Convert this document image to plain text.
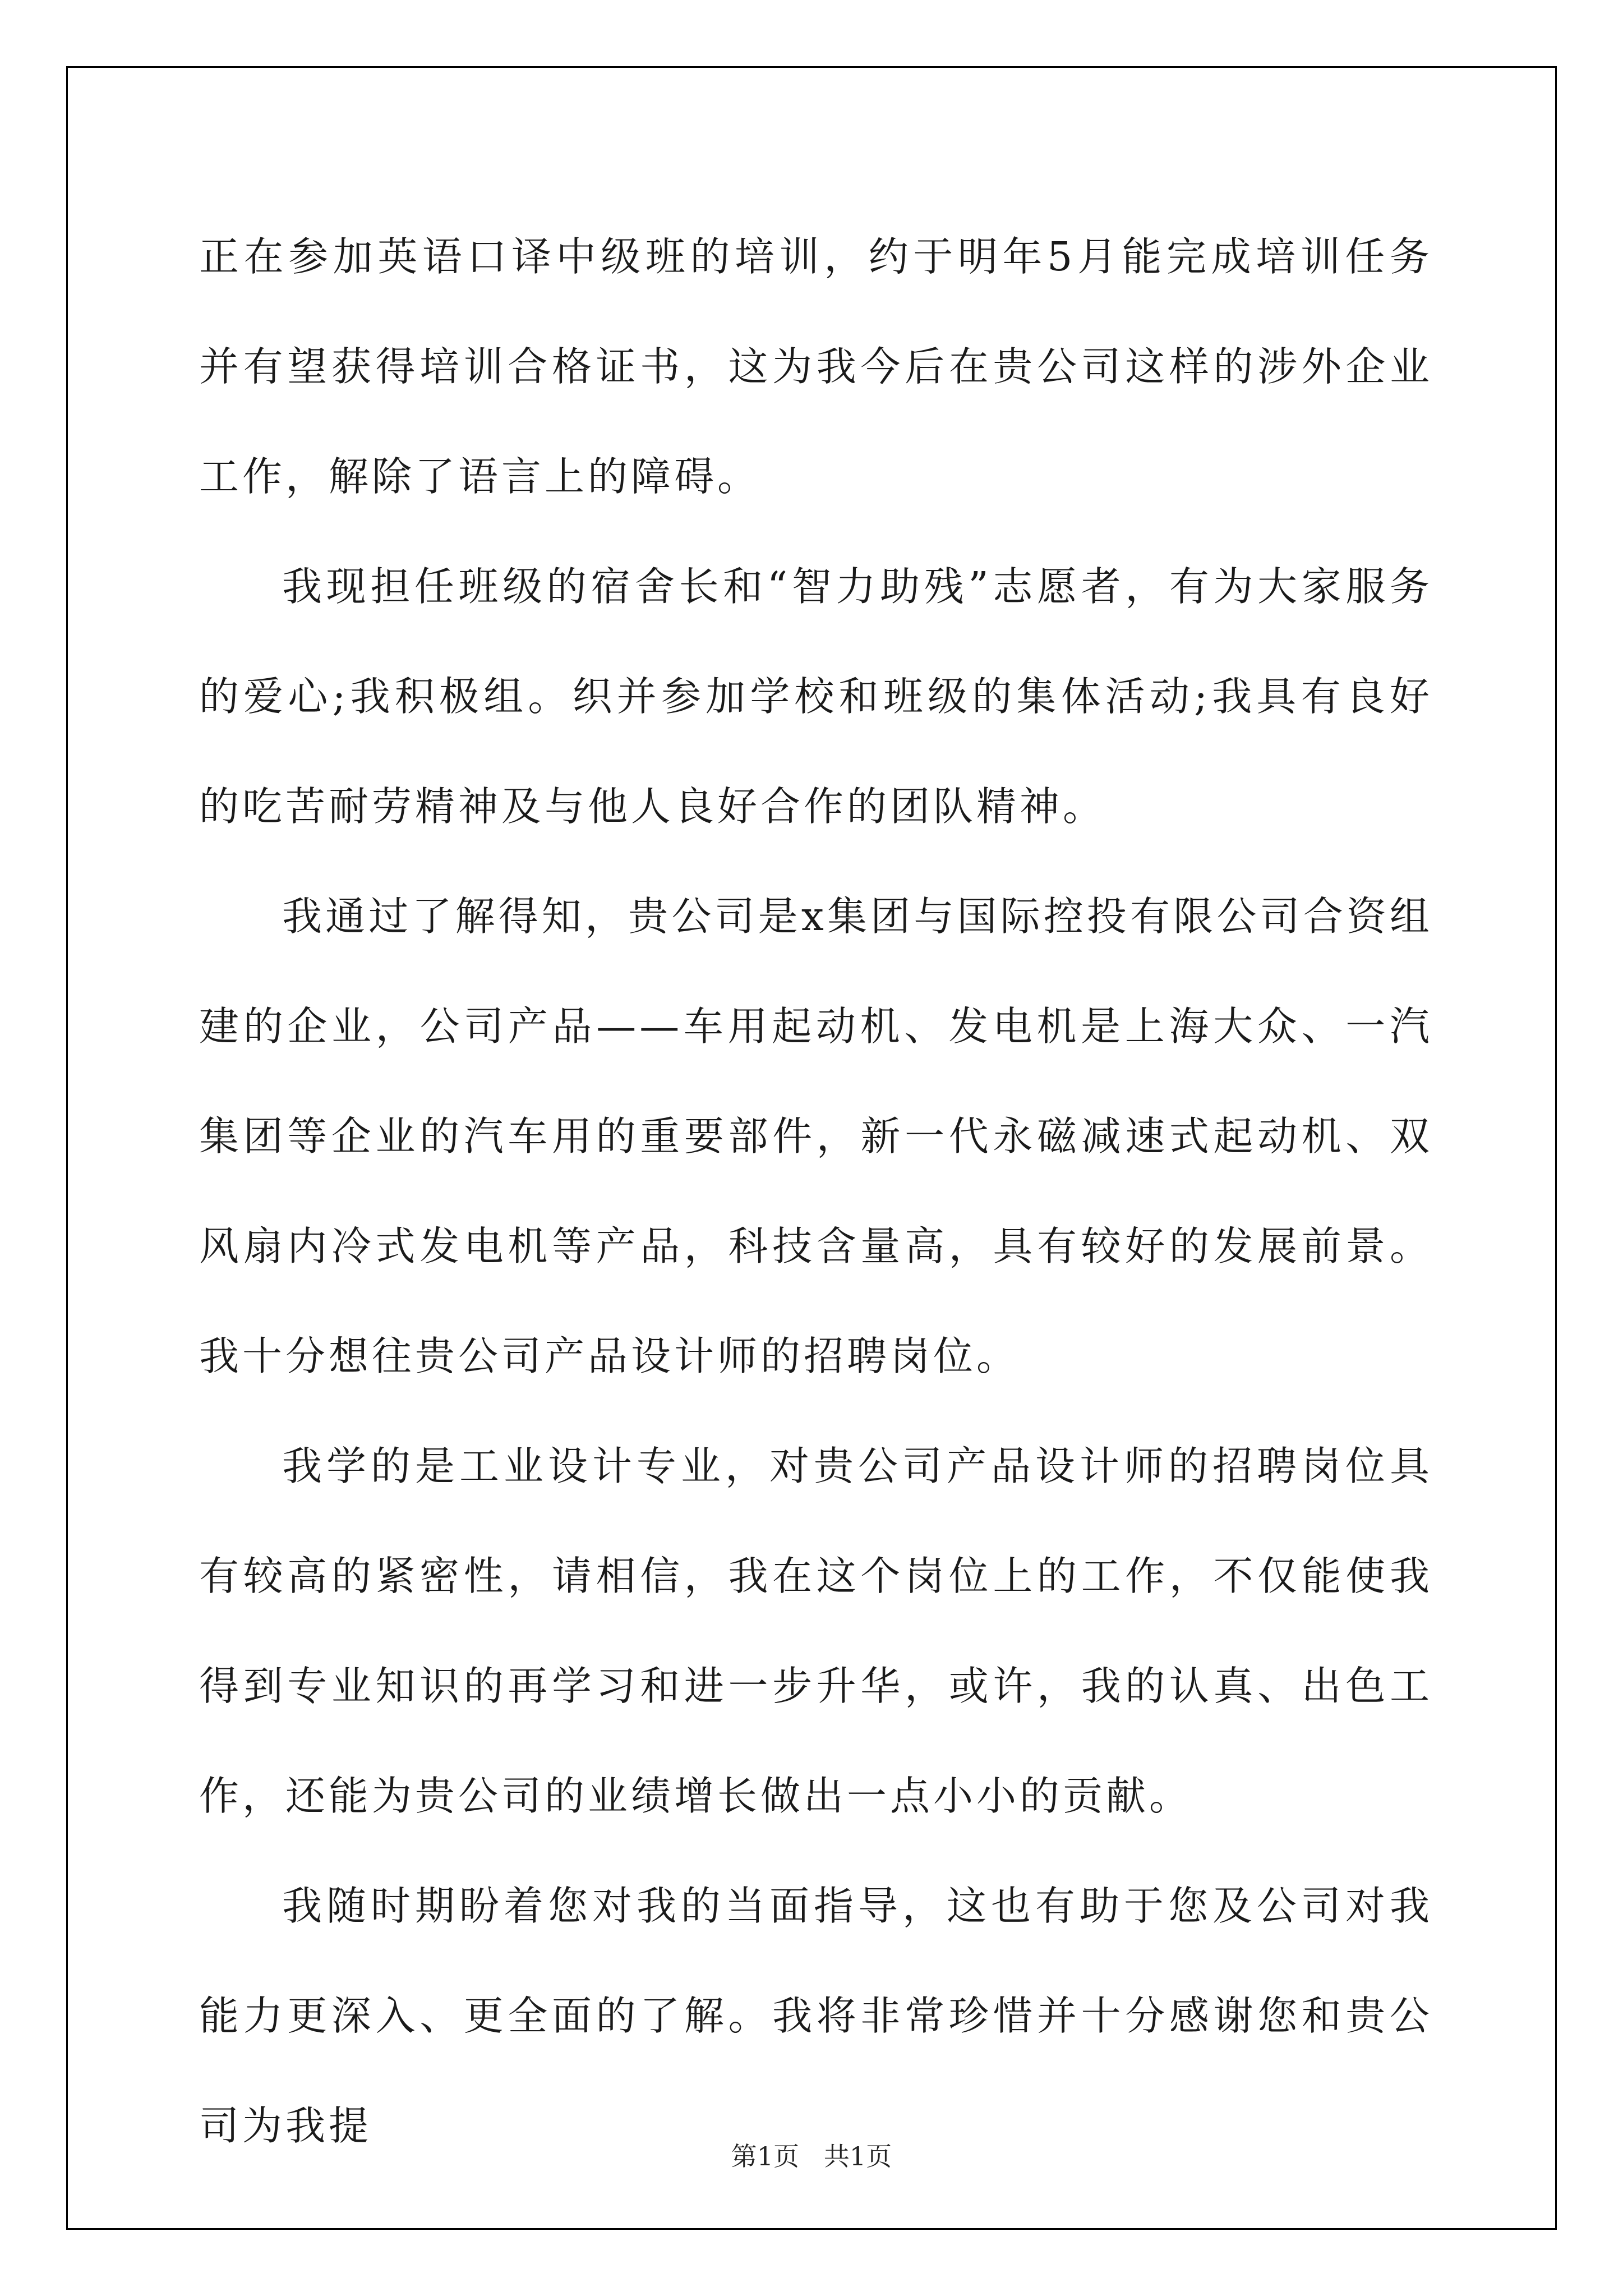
正在参加英语口译中级班的培训，约于明年5月能完成培训任务并有望获得培训合格证书，这为我今后在贵公司这样的涉外企业工作，解除了语言上的障碍。

我现担任班级的宿舍长和“智力助残”志愿者，有为大家服务的爱心;我积极组。织并参加学校和班级的集体活动;我具有良好的吃苦耐劳精神及与他人良好合作的团队精神。

我通过了解得知，贵公司是x集团与国际控投有限公司合资组建的企业，公司产品——车用起动机、发电机是上海大众、一汽集团等企业的汽车用的重要部件，新一代永磁减速式起动机、双风扇内冷式发电机等产品，科技含量高，具有较好的发展前景。我十分想往贵公司产品设计师的招聘岗位。

我学的是工业设计专业，对贵公司产品设计师的招聘岗位具有较高的紧密性，请相信，我在这个岗位上的工作，不仅能使我得到专业知识的再学习和进一步升华，或许，我的认真、出色工作，还能为贵公司的业绩增长做出一点小小的贡献。

我随时期盼着您对我的当面指导，这也有助于您及公司对我能力更深入、更全面的了解。我将非常珍惜并十分感谢您和贵公司为我提

第1页   共1页
